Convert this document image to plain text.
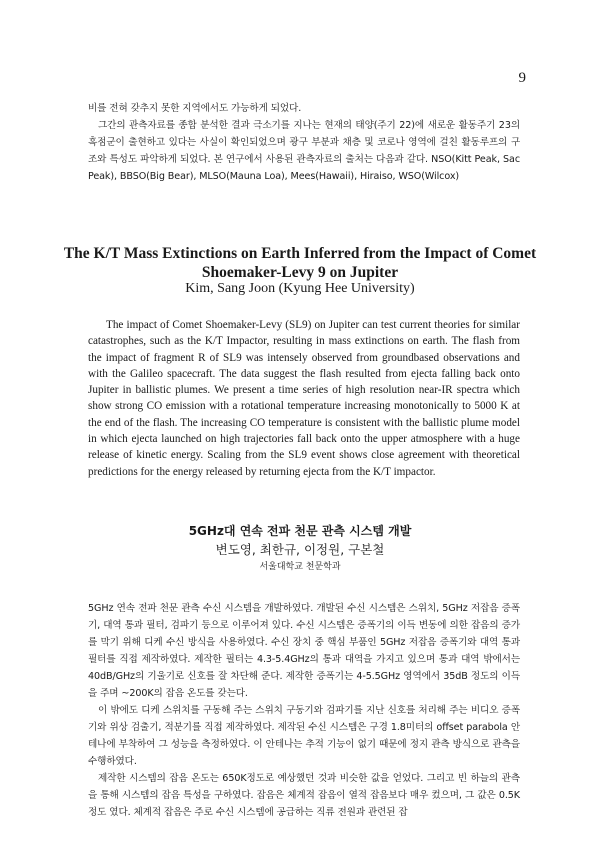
9

비를 전혀 갖추지 못한 지역에서도 가능하게 되었다.

그간의 관측자료를 종합 분석한 결과 극소기를 지나는 현재의 태양(주기 22)에 새로운 활동주기 23의 흑점군이 출현하고 있다는 사실이 확인되었으며 광구 부분과 채층 및 코로나 영역에 걸친 활동루프의 구조와 특성도 파악하게 되었다. 본 연구에서 사용된 관측자료의 출처는 다음과 같다. NSO(Kitt Peak, Sac Peak), BBSO(Big Bear), MLSO(Mauna Loa), Mees(Hawaii), Hiraiso, WSO(Wilcox)

The K/T Mass Extinctions on Earth Inferred from the Impact of Comet Shoemaker-Levy 9 on Jupiter
Kim, Sang Joon (Kyung Hee University)

The impact of Comet Shoemaker-Levy (SL9) on Jupiter can test current theories for similar catastrophes, such as the K/T Impactor, resulting in mass extinctions on earth. The flash from the impact of fragment R of SL9 was intensely observed from groundbased observations and with the Galileo spacecraft. The data suggest the flash resulted from ejecta falling back onto Jupiter in ballistic plumes. We present a time series of high resolution near-IR spectra which show strong CO emission with a rotational temperature increasing monotonically to 5000 K at the end of the flash. The increasing CO temperature is consistent with the ballistic plume model in which ejecta launched on high trajectories fall back onto the upper atmosphere with a huge release of kinetic energy. Scaling from the SL9 event shows close agreement with theoretical predictions for the energy released by returning ejecta from the K/T impactor.

5GHz대 연속 전파 천문 관측 시스템 개발
변도영, 최한규, 이정원, 구본철
서울대학교 천문학과

5GHz 연속 전파 천문 관측 수신 시스템을 개발하였다. 개발된 수신 시스템은 스위치, 5GHz 저잡음 증폭기, 대역 통과 필터, 검파기 등으로 이루어져 있다. 수신 시스템은 증폭기의 이득 변동에 의한 잡음의 증가를 막기 위해 디케 수신 방식을 사용하였다. 수신 장치 중 핵심 부품인 5GHz 저잡음 증폭기와 대역 통과 필터를 직접 제작하였다. 제작한 필터는 4.3-5.4GHz의 통과 대역을 가지고 있으며 통과 대역 밖에서는 40dB/GHz의 기울기로 신호를 잘 차단해 준다. 제작한 증폭기는 4-5.5GHz 영역에서 35dB 정도의 이득을 주며 ~200K의 잡음 온도를 갖는다.

이 밖에도 디케 스위치를 구동해 주는 스위치 구동기와 검파기를 지난 신호를 처리해 주는 비디오 증폭기와 위상 검출기, 적분기를 직접 제작하였다. 제작된 수신 시스템은 구경 1.8미터의 offset parabola 안테나에 부착하여 그 성능을 측정하였다. 이 안테나는 추적 기능이 없기 때문에 정지 관측 방식으로 관측을 수행하였다.

제작한 시스템의 잡음 온도는 650K정도로 예상했던 것과 비슷한 값을 얻었다. 그리고 빈 하늘의 관측을 통해 시스템의 잡음 특성을 구하였다. 잡음은 체계적 잡음이 열적 잡음보다 매우 컸으며, 그 값은 0.5K 정도 였다. 체계적 잡음은 주로 수신 시스템에 공급하는 직류 전원과 관련된 잡
